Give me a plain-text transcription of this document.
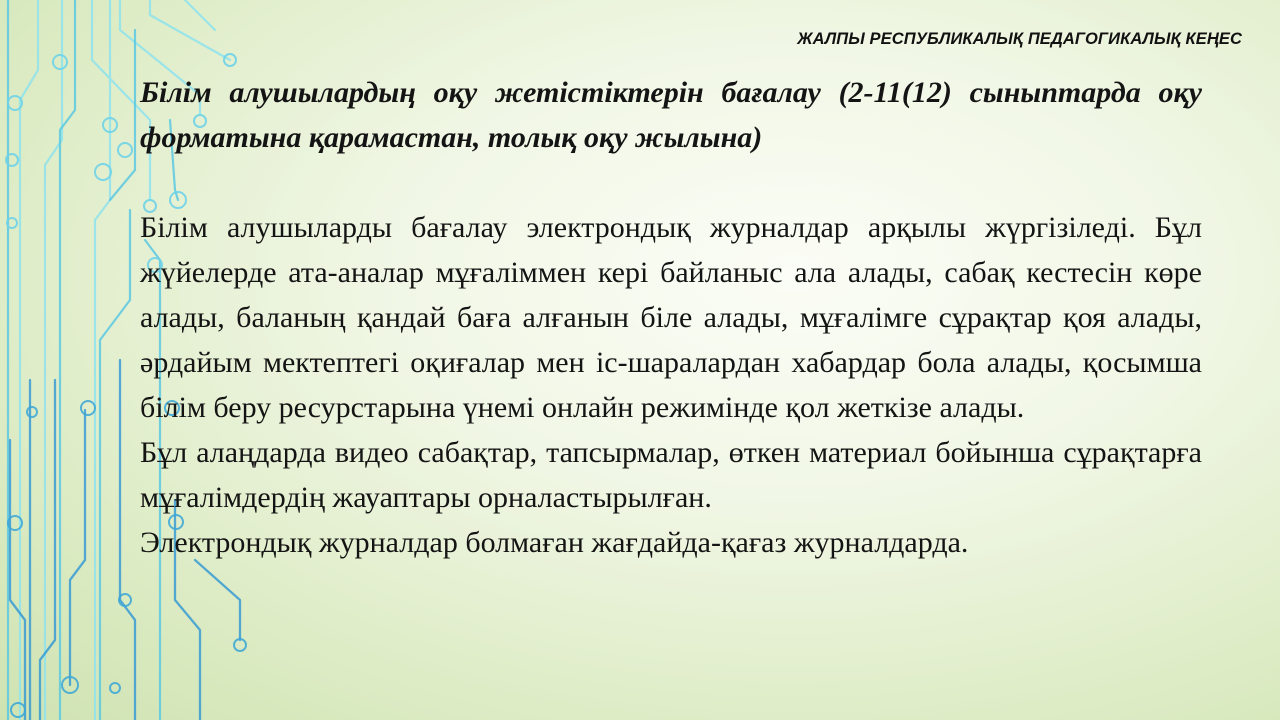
ЖАЛПЫ РЕСПУБЛИКАЛЫҚ ПЕДАГОГИКАЛЫҚ КЕҢЕС

Білім алушылардың оқу жетістіктерін бағалау (2-11(12) сыныптарда оқу форматына қарамастан, толық оқу жылына)

Білім алушыларды бағалау электрондық журналдар арқылы жүргізіледі. Бұл жүйелерде ата-аналар мұғаліммен кері байланыс ала алады, сабақ кестесін көре алады, баланың қандай баға алғанын біле алады, мұғалімге сұрақтар қоя алады, әрдайым мектептегі оқиғалар мен іс-шаралардан хабардар бола алады, қосымша білім беру ресурстарына үнемі онлайн режимінде қол жеткізе алады.

Бұл алаңдарда видео сабақтар, тапсырмалар, өткен материал бойынша сұрақтарға мұғалімдердің жауаптары орналастырылған.

Электрондық журналдар болмаған жағдайда-қағаз журналдарда.
